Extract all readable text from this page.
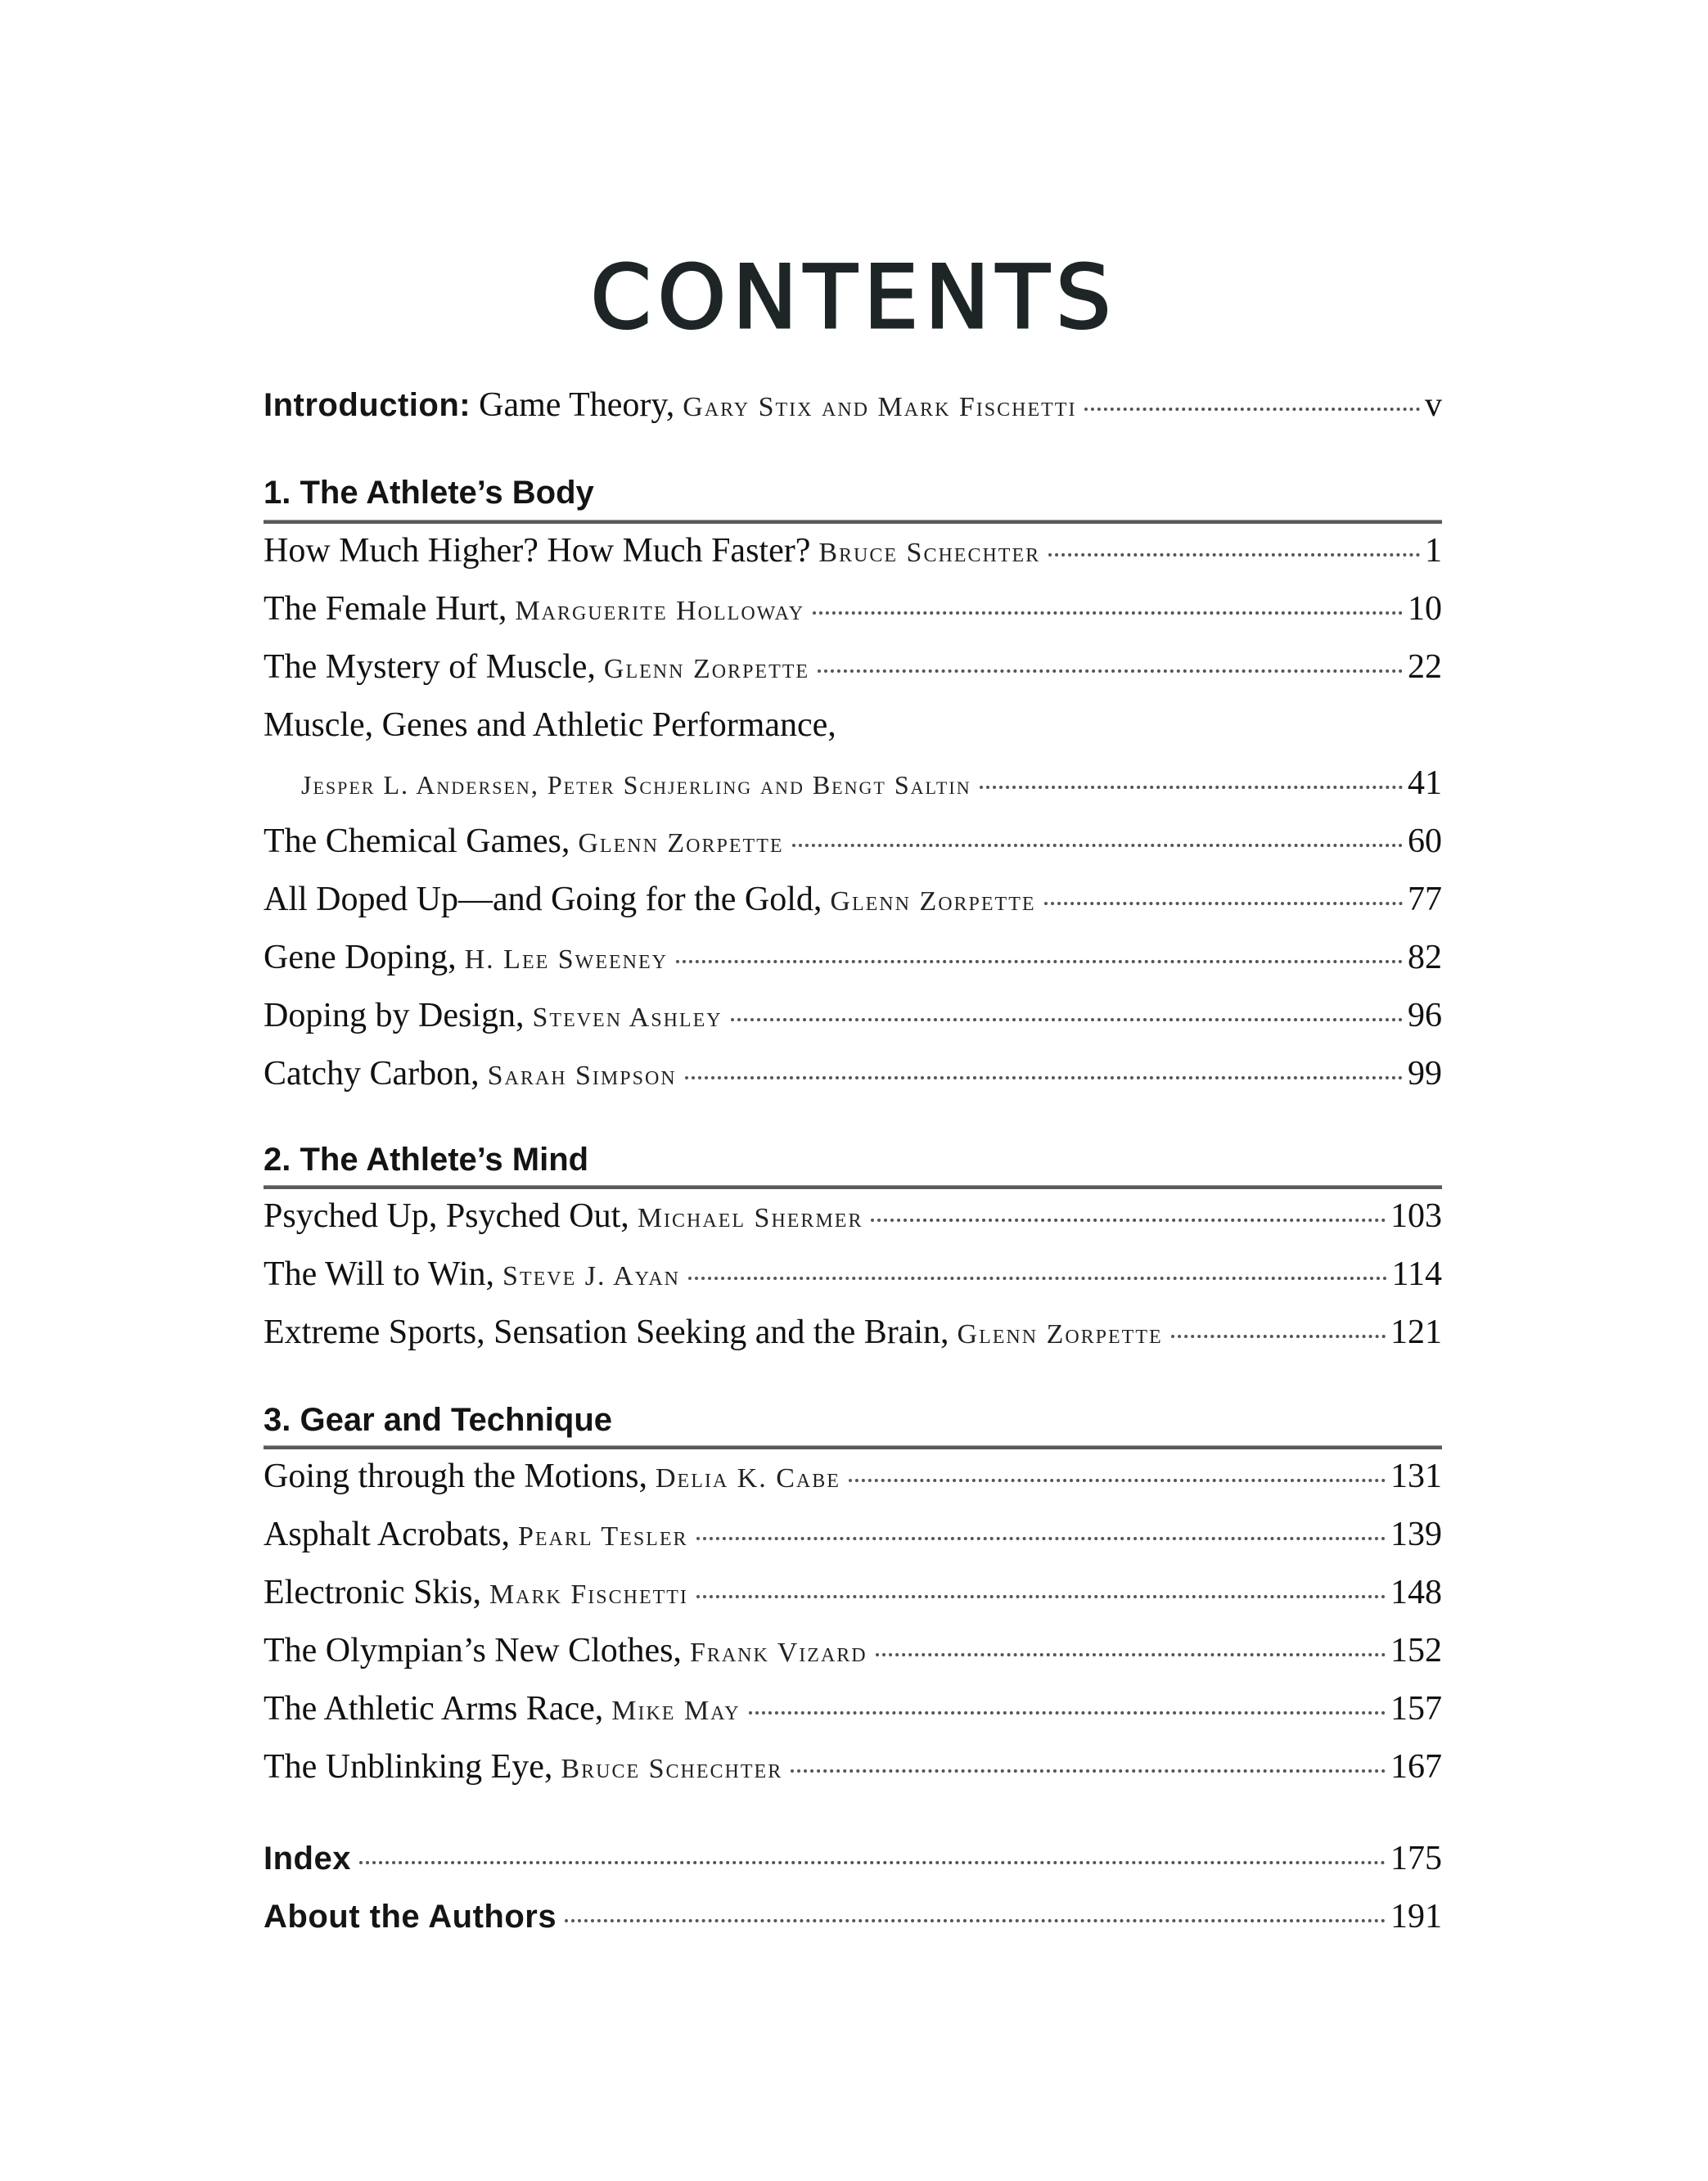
CONTENTS
Introduction: Game Theory, Gary Stix and Mark Fischetti	v
1. The Athlete’s Body
How Much Higher? How Much Faster? Bruce Schechter	1
The Female Hurt, Marguerite Holloway	10
The Mystery of Muscle, Glenn Zorpette	22
Muscle, Genes and Athletic Performance,
Jesper L. Andersen, Peter Schjerling and Bengt Saltin	41
The Chemical Games, Glenn Zorpette	60
All Doped Up—and Going for the Gold, Glenn Zorpette	77
Gene Doping, H. Lee Sweeney	82
Doping by Design, Steven Ashley	96
Catchy Carbon, Sarah Simpson	99
2. The Athlete’s Mind
Psyched Up, Psyched Out, Michael Shermer	103
The Will to Win, Steve J. Ayan	114
Extreme Sports, Sensation Seeking and the Brain, Glenn Zorpette	121
3. Gear and Technique
Going through the Motions, Delia K. Cabe	131
Asphalt Acrobats, Pearl Tesler	139
Electronic Skis, Mark Fischetti	148
The Olympian’s New Clothes, Frank Vizard	152
The Athletic Arms Race, Mike May	157
The Unblinking Eye, Bruce Schechter	167
Index	175
About the Authors	191
